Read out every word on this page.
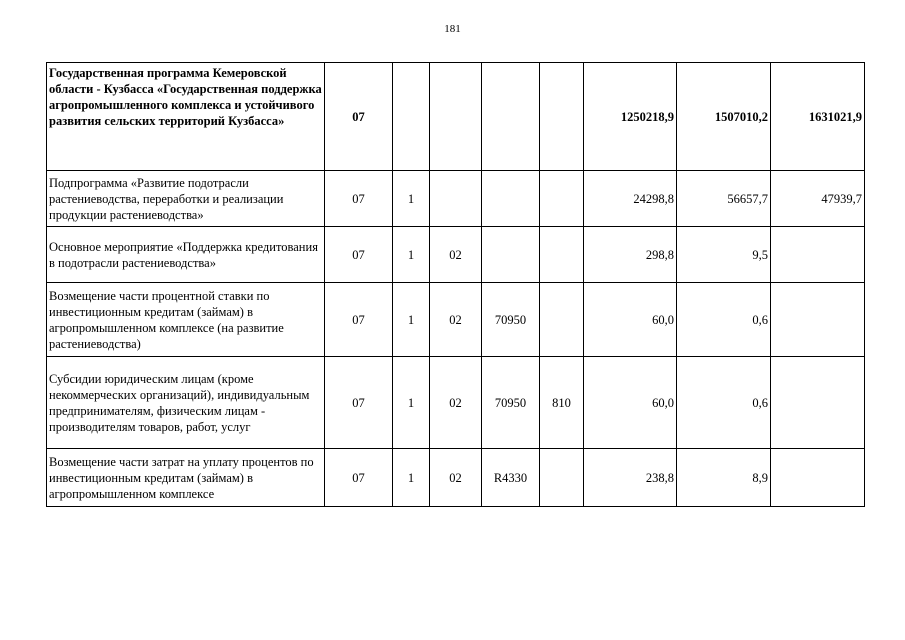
181
Государственная программа Кемеровской области - Кузбасса «Государственная поддержка агропромышленного комплекса и устойчивого развития сельских территорий Кузбасса»	07					1250218,9	1507010,2	1631021,9
Подпрограмма «Развитие подотрасли растениеводства, переработки и реализации продукции растениеводства»	07	1				24298,8	56657,7	47939,7
Основное мероприятие «Поддержка кредитования в подотрасли растениеводства»	07	1	02			298,8	9,5	
Возмещение части процентной ставки по инвестиционным кредитам (займам) в агропромышленном комплексе (на развитие растениеводства)	07	1	02	70950		60,0	0,6	
Субсидии юридическим лицам (кроме некоммерческих организаций), индивидуальным предпринимателям, физическим лицам - производителям товаров, работ, услуг	07	1	02	70950	810	60,0	0,6	
Возмещение части затрат на уплату процентов по инвестиционным кредитам (займам) в агропромышленном комплексе	07	1	02	R4330		238,8	8,9	
